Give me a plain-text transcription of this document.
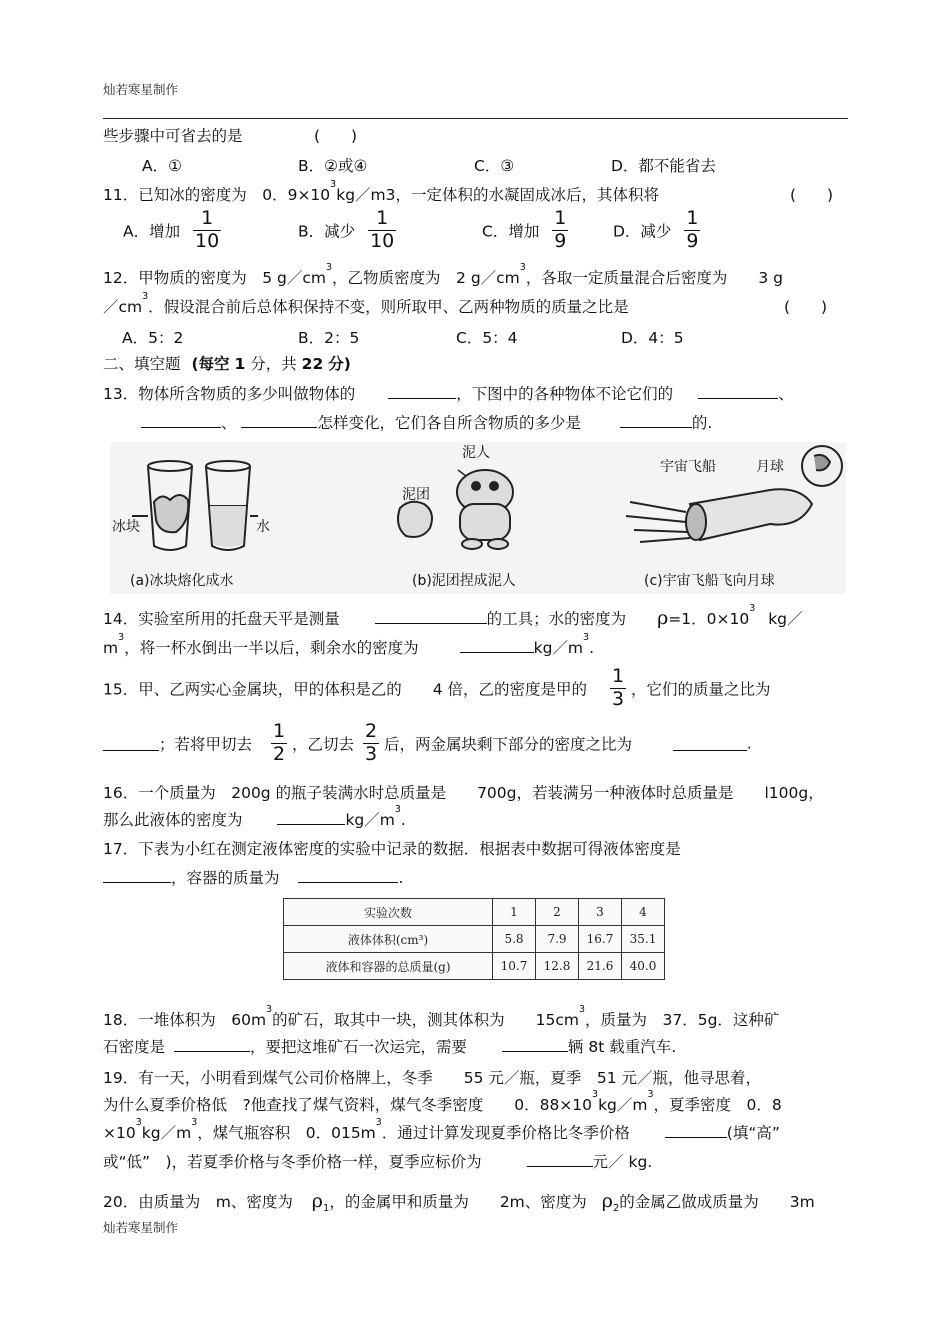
灿若寒星制作
些步骤中可省去的是	(　　)
A．①	B．②或④	C．③	D．都不能省去
11．已知冰的密度为　0．$9\times 10^3kg/m3$，一定体积的水凝固成冰后，其体积将	(　　)
A．增加 $\frac{1}{10}$	B．减少 $\frac{1}{10}$	C．增加 $\frac{1}{9}$	D．减少 $\frac{1}{9}$
12．甲物质的密度为　5 $g/cm^3$，乙物质密度为　2 $g/cm^3$，各取一定质量混合后密度为　　3 g
$/cm^3$．假设混合前后总体积保持不变，则所取甲、乙两种物质的质量之比是	(　　)
A．5：2	B．2：5	C．5：4	D．4：5
二、填空题 (每空 1 分，共 22 分)
13．物体所含物质的多少叫做物体的	，下图中的各种物体不论它们的	、
、	怎样变化，它们各自所含物质的多少是	的.
冰块	水
(a)冰块熔化成水
泥人
泥团
(b)泥团捏成泥人
宇宙飞船	月球
(c)宇宙飞船飞向月球
14．实验室所用的托盘天平是测量	的工具；水的密度为 ρ=1．$0\times 10^3$ kg／
$m^3$，将一杯水倒出一半以后，剩余水的密度为	$kg/m^3$.
15．甲、乙两实心金属块，甲的体积是乙的　　4 倍，乙的密度是甲的 $\frac{1}{3}$ ，它们的质量之比为
；若将甲切去 $\frac{1}{2}$ ，乙切去 $\frac{2}{3}$ 后，两金属块剩下部分的密度之比为	.
16．一个质量为　200g 的瓶子装满水时总质量是　　700g，若装满另一种液体时总质量是　　l100g，
那么此液体的密度为	$kg/m^3$.
17．下表为小红在测定液体密度的实验中记录的数据．根据表中数据可得液体密度是
，容器的质量为	.
实验次数	1	2	3	4
液体体积(cm³)	5.8	7.9	16.7	35.1
液体和容器的总质量(g)	10.7	12.8	21.6	40.0
18．一堆体积为　$60m^3$的矿石，取其中一块，测其体积为　　$15cm^3$，质量为　37．5g．这种矿
石密度是	，要把这堆矿石一次运完，需要	辆 8t 载重汽车.
19．有一天，小明看到煤气公司价格牌上，冬季　　55 元／瓶，夏季　51 元／瓶，他寻思着，
为什么夏季价格低　?他查找了煤气资料，煤气冬季密度　　0．$88\times 10^3kg/m^3$，夏季密度　0．8
$\times 10^3kg/m^3$，煤气瓶容积　0．$015m^3$．通过计算发现夏季价格比冬季价格	(填“高”
或“低”　)，若夏季价格与冬季价格一样，夏季应标价为	元／ kg.
20．由质量为　m、密度为 $\rho_1$，的金属甲和质量为　　2m、密度为 $\rho_2$的金属乙做成质量为　　3m
灿若寒星制作
